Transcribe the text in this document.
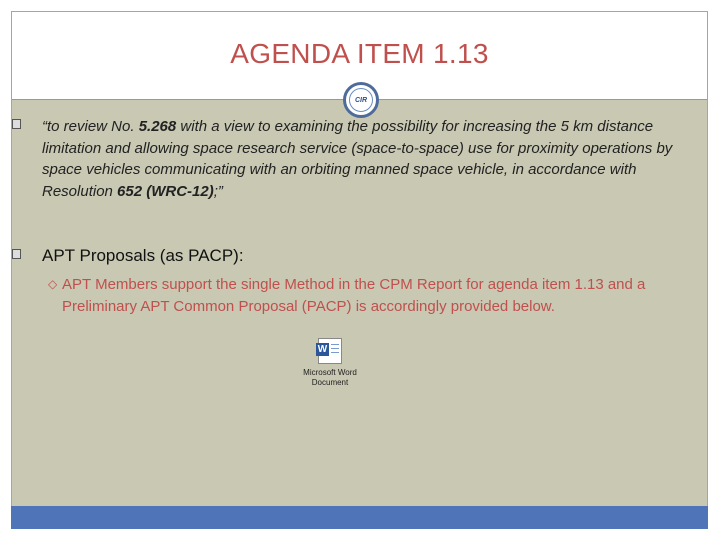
AGENDA ITEM 1.13
CIR
“to review No. 5.268 with a view to examining the possibility for increasing the 5 km distance limitation and allowing space research service (space-to-space) use for proximity operations by space vehicles communicating with an orbiting manned space vehicle, in accordance with Resolution 652 (WRC‑12);”
APT Proposals (as PACP):
◇ APT Members support the single Method in the CPM Report for agenda item 1.13 and a Preliminary APT Common Proposal (PACP) is accordingly provided below.
W
Microsoft Word
Document
